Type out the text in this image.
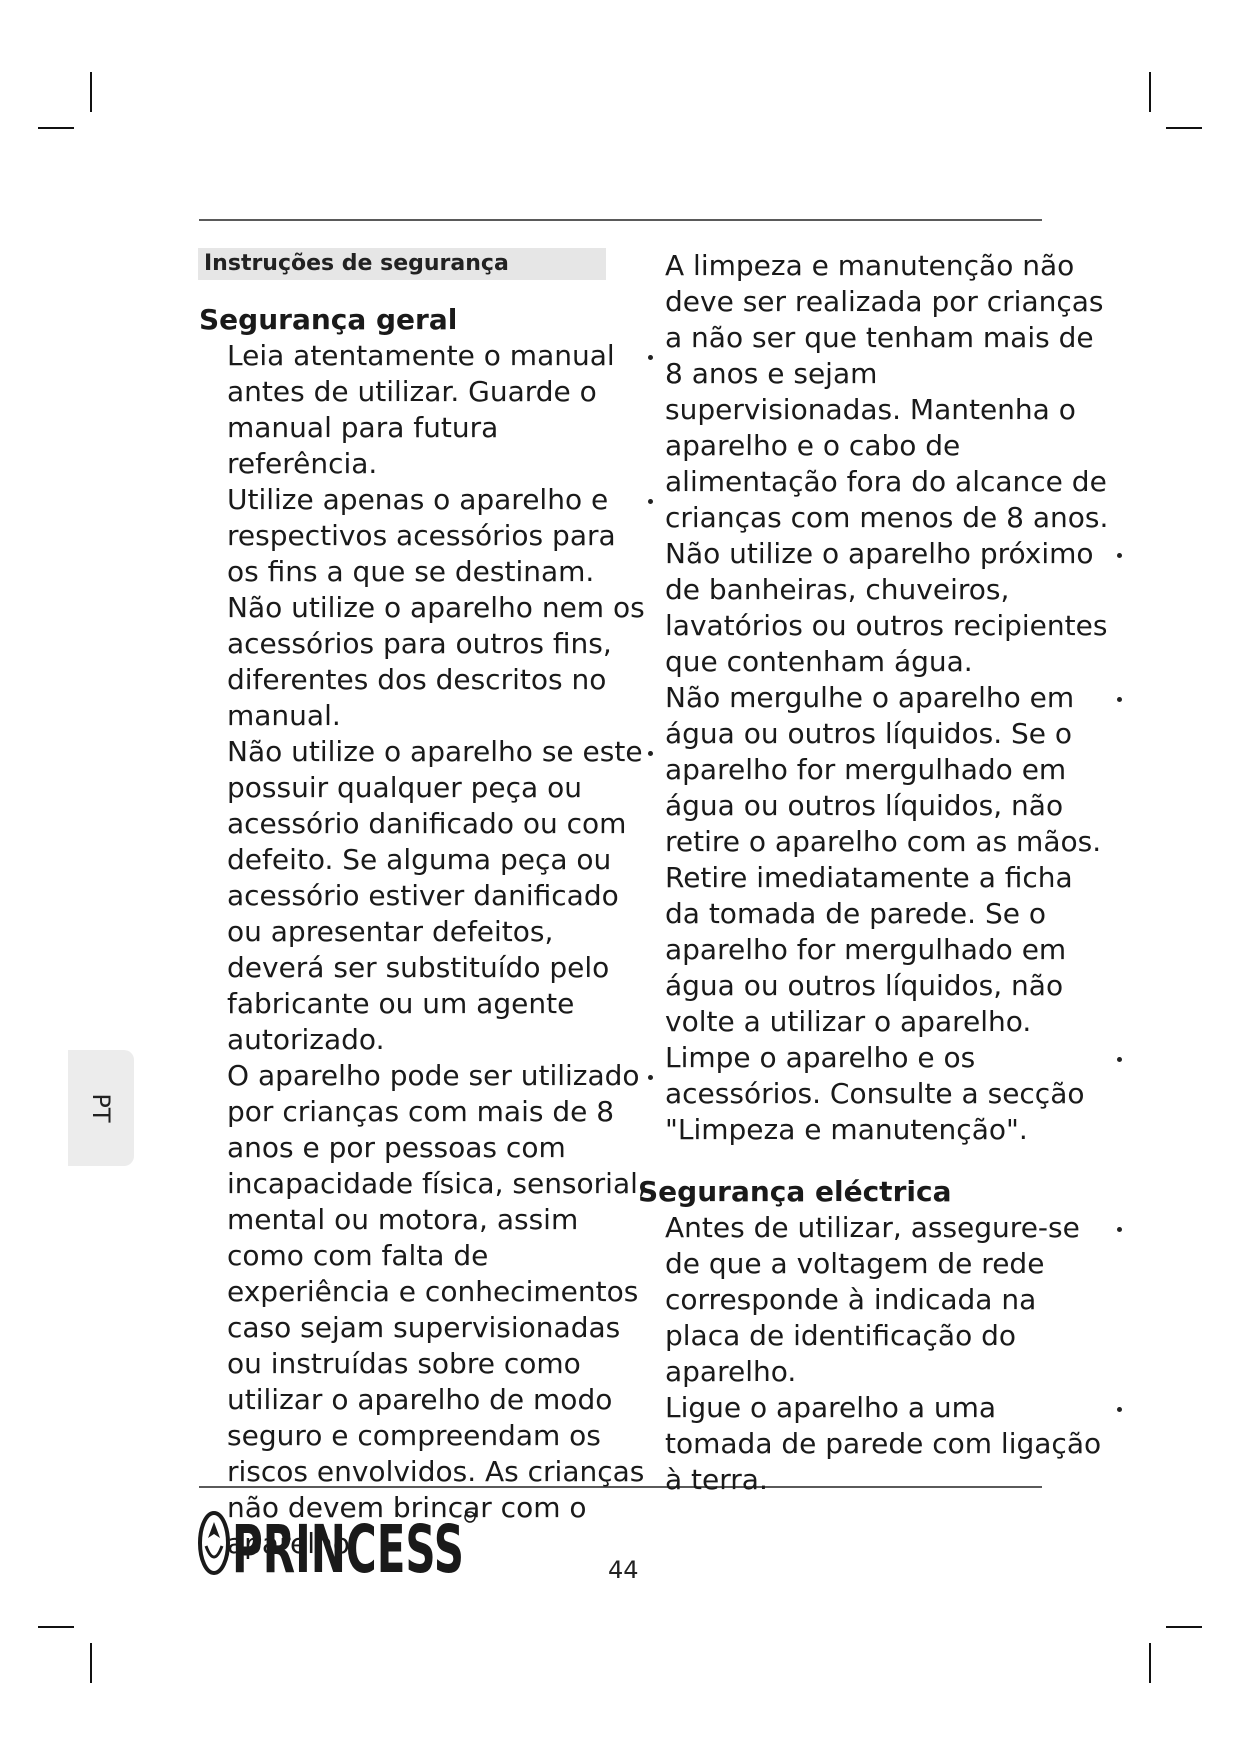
Instruções de segurança
Segurança geral

Leia atentamente o manual antes de utilizar. Guarde o manual para futura referência.

Utilize apenas o aparelho e respectivos acessórios para os fins a que se destinam. Não utilize o aparelho nem os acessórios para outros fins, diferentes dos descritos no manual.

Não utilize o aparelho se este possuir qualquer peça ou acessório danificado ou com defeito. Se alguma peça ou acessório estiver danificado ou apresentar defeitos, deverá ser substituído pelo fabricante ou um agente autorizado.

O aparelho pode ser utilizado por crianças com mais de 8 anos e por pessoas com incapacidade física, sensorial, mental ou motora, assim como com falta de experiência e conhecimentos caso sejam supervisionadas ou instruídas sobre como utilizar o aparelho de modo seguro e compreendam os riscos envolvidos. As crianças não devem brincar com o aparelho.

A limpeza e manutenção não deve ser realizada por crianças a não ser que tenham mais de 8 anos e sejam supervisionadas. Mantenha o aparelho e o cabo de alimentação fora do alcance de crianças com menos de 8 anos.

Não utilize o aparelho próximo de banheiras, chuveiros, lavatórios ou outros recipientes que contenham água.

Não mergulhe o aparelho em água ou outros líquidos. Se o aparelho for mergulhado em água ou outros líquidos, não retire o aparelho com as mãos. Retire imediatamente a ficha da tomada de parede. Se o aparelho for mergulhado em água ou outros líquidos, não volte a utilizar o aparelho.

Limpe o aparelho e os acessórios. Consulte a secção "Limpeza e manutenção".

Segurança eléctrica

Antes de utilizar, assegure-se de que a voltagem de rede corresponde à indicada na placa de identificação do aparelho.

Ligue o aparelho a uma tomada de parede com ligação à terra.

PT
PRINCESS	44
